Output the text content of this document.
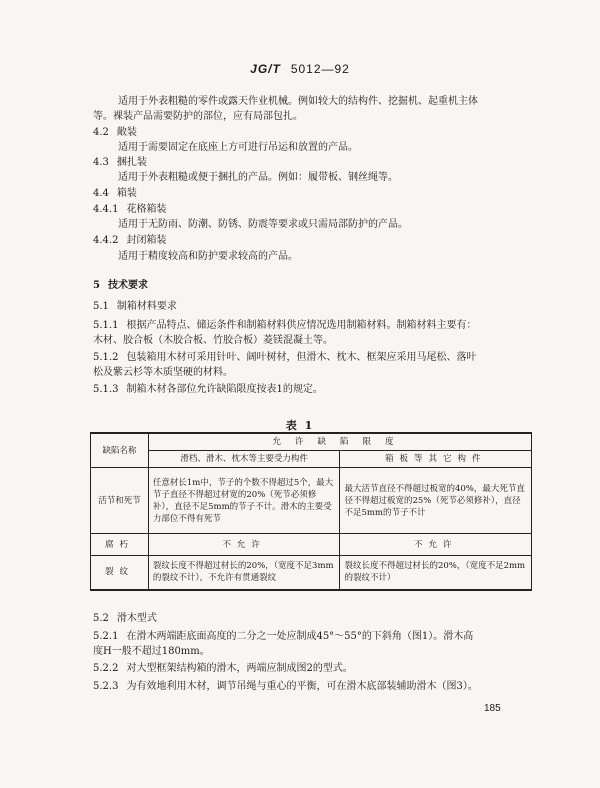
JG/T 5012—92
适用于外表粗糙的零件或露天作业机械。例如较大的结构件、挖掘机、起重机主体
等。裸装产品需要防护的部位，应有局部包扎。
4.2 敞装
适用于需要固定在底座上方可进行吊运和放置的产品。
4.3 捆扎装
适用于外表粗糙或便于捆扎的产品。例如：履带板、钢丝绳等。
4.4 箱装
4.4.1 花格箱装
适用于无防雨、防潮、防锈、防震等要求或只需局部防护的产品。
4.4.2 封闭箱装
适用于精度较高和防护要求较高的产品。
5 技术要求
5.1 制箱材料要求
5.1.1 根据产品特点、储运条件和制箱材料供应情况选用制箱材料。制箱材料主要有：
木材、胶合板（木胶合板、竹胶合板）菱镁混凝土等。
5.1.2 包装箱用木材可采用针叶、阔叶树材，但滑木、枕木、框架应采用马尾松、落叶
松及紫云杉等木质坚硬的材料。
5.1.3 制箱木材各部位允许缺陷限度按表1的规定。
表 1
缺陷名称	允许缺陷限度	
	滑档、滑木、枕木等主要受力构件	箱板等其它构件
活节和死节	任意材长1m中，节子的个数不得超过5个，最大节子直径不得超过材宽的20%（死节必须修补），直径不足5mm的节子不计。滑木的主要受力部位不得有死节	最大活节直径不得超过板宽的40%，最大死节直径不得超过板宽的25%（死节必须修补），直径不足5mm的节子不计
腐朽	不允许	不允许
裂纹	裂纹长度不得超过材长的20%，（宽度不足3mm的裂纹不计），不允许有贯通裂纹	裂纹长度不得超过材长的20%，（宽度不足2mm的裂纹不计）
5.2 滑木型式
5.2.1 在滑木两端距底面高度的二分之一处应制成45°～55°的下斜角（图1）。滑木高
度H一般不超过180mm。
5.2.2 对大型框架结构箱的滑木，两端应制成图2的型式。
5.2.3 为有效地利用木材，调节吊绳与重心的平衡，可在滑木底部装辅助滑木（图3）。
185
